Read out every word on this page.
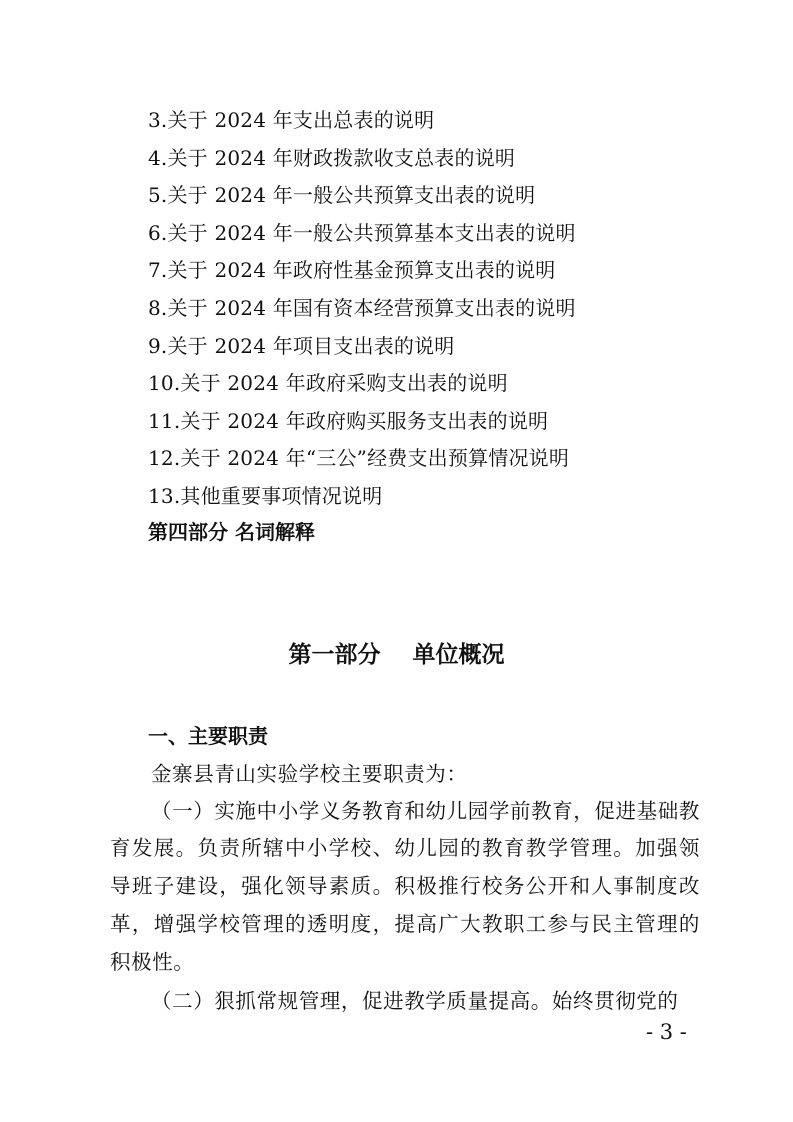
3.关于 2024 年支出总表的说明
4.关于 2024 年财政拨款收支总表的说明
5.关于 2024 年一般公共预算支出表的说明
6.关于 2024 年一般公共预算基本支出表的说明
7.关于 2024 年政府性基金预算支出表的说明
8.关于 2024 年国有资本经营预算支出表的说明
9.关于 2024 年项目支出表的说明
10.关于 2024 年政府采购支出表的说明
11.关于 2024 年政府购买服务支出表的说明
12.关于 2024 年“三公”经费支出预算情况说明
13.其他重要事项情况说明
第四部分 名词解释
第一部分    单位概况
一、主要职责

金寨县青山实验学校主要职责为：

（一）实施中小学义务教育和幼儿园学前教育，促进基础教育发展。负责所辖中小学校、幼儿园的教育教学管理。加强领导班子建设，强化领导素质。积极推行校务公开和人事制度改革，增强学校管理的透明度，提高广大教职工参与民主管理的积极性。

（二）狠抓常规管理，促进教学质量提高。始终贯彻党的

- 3 -
